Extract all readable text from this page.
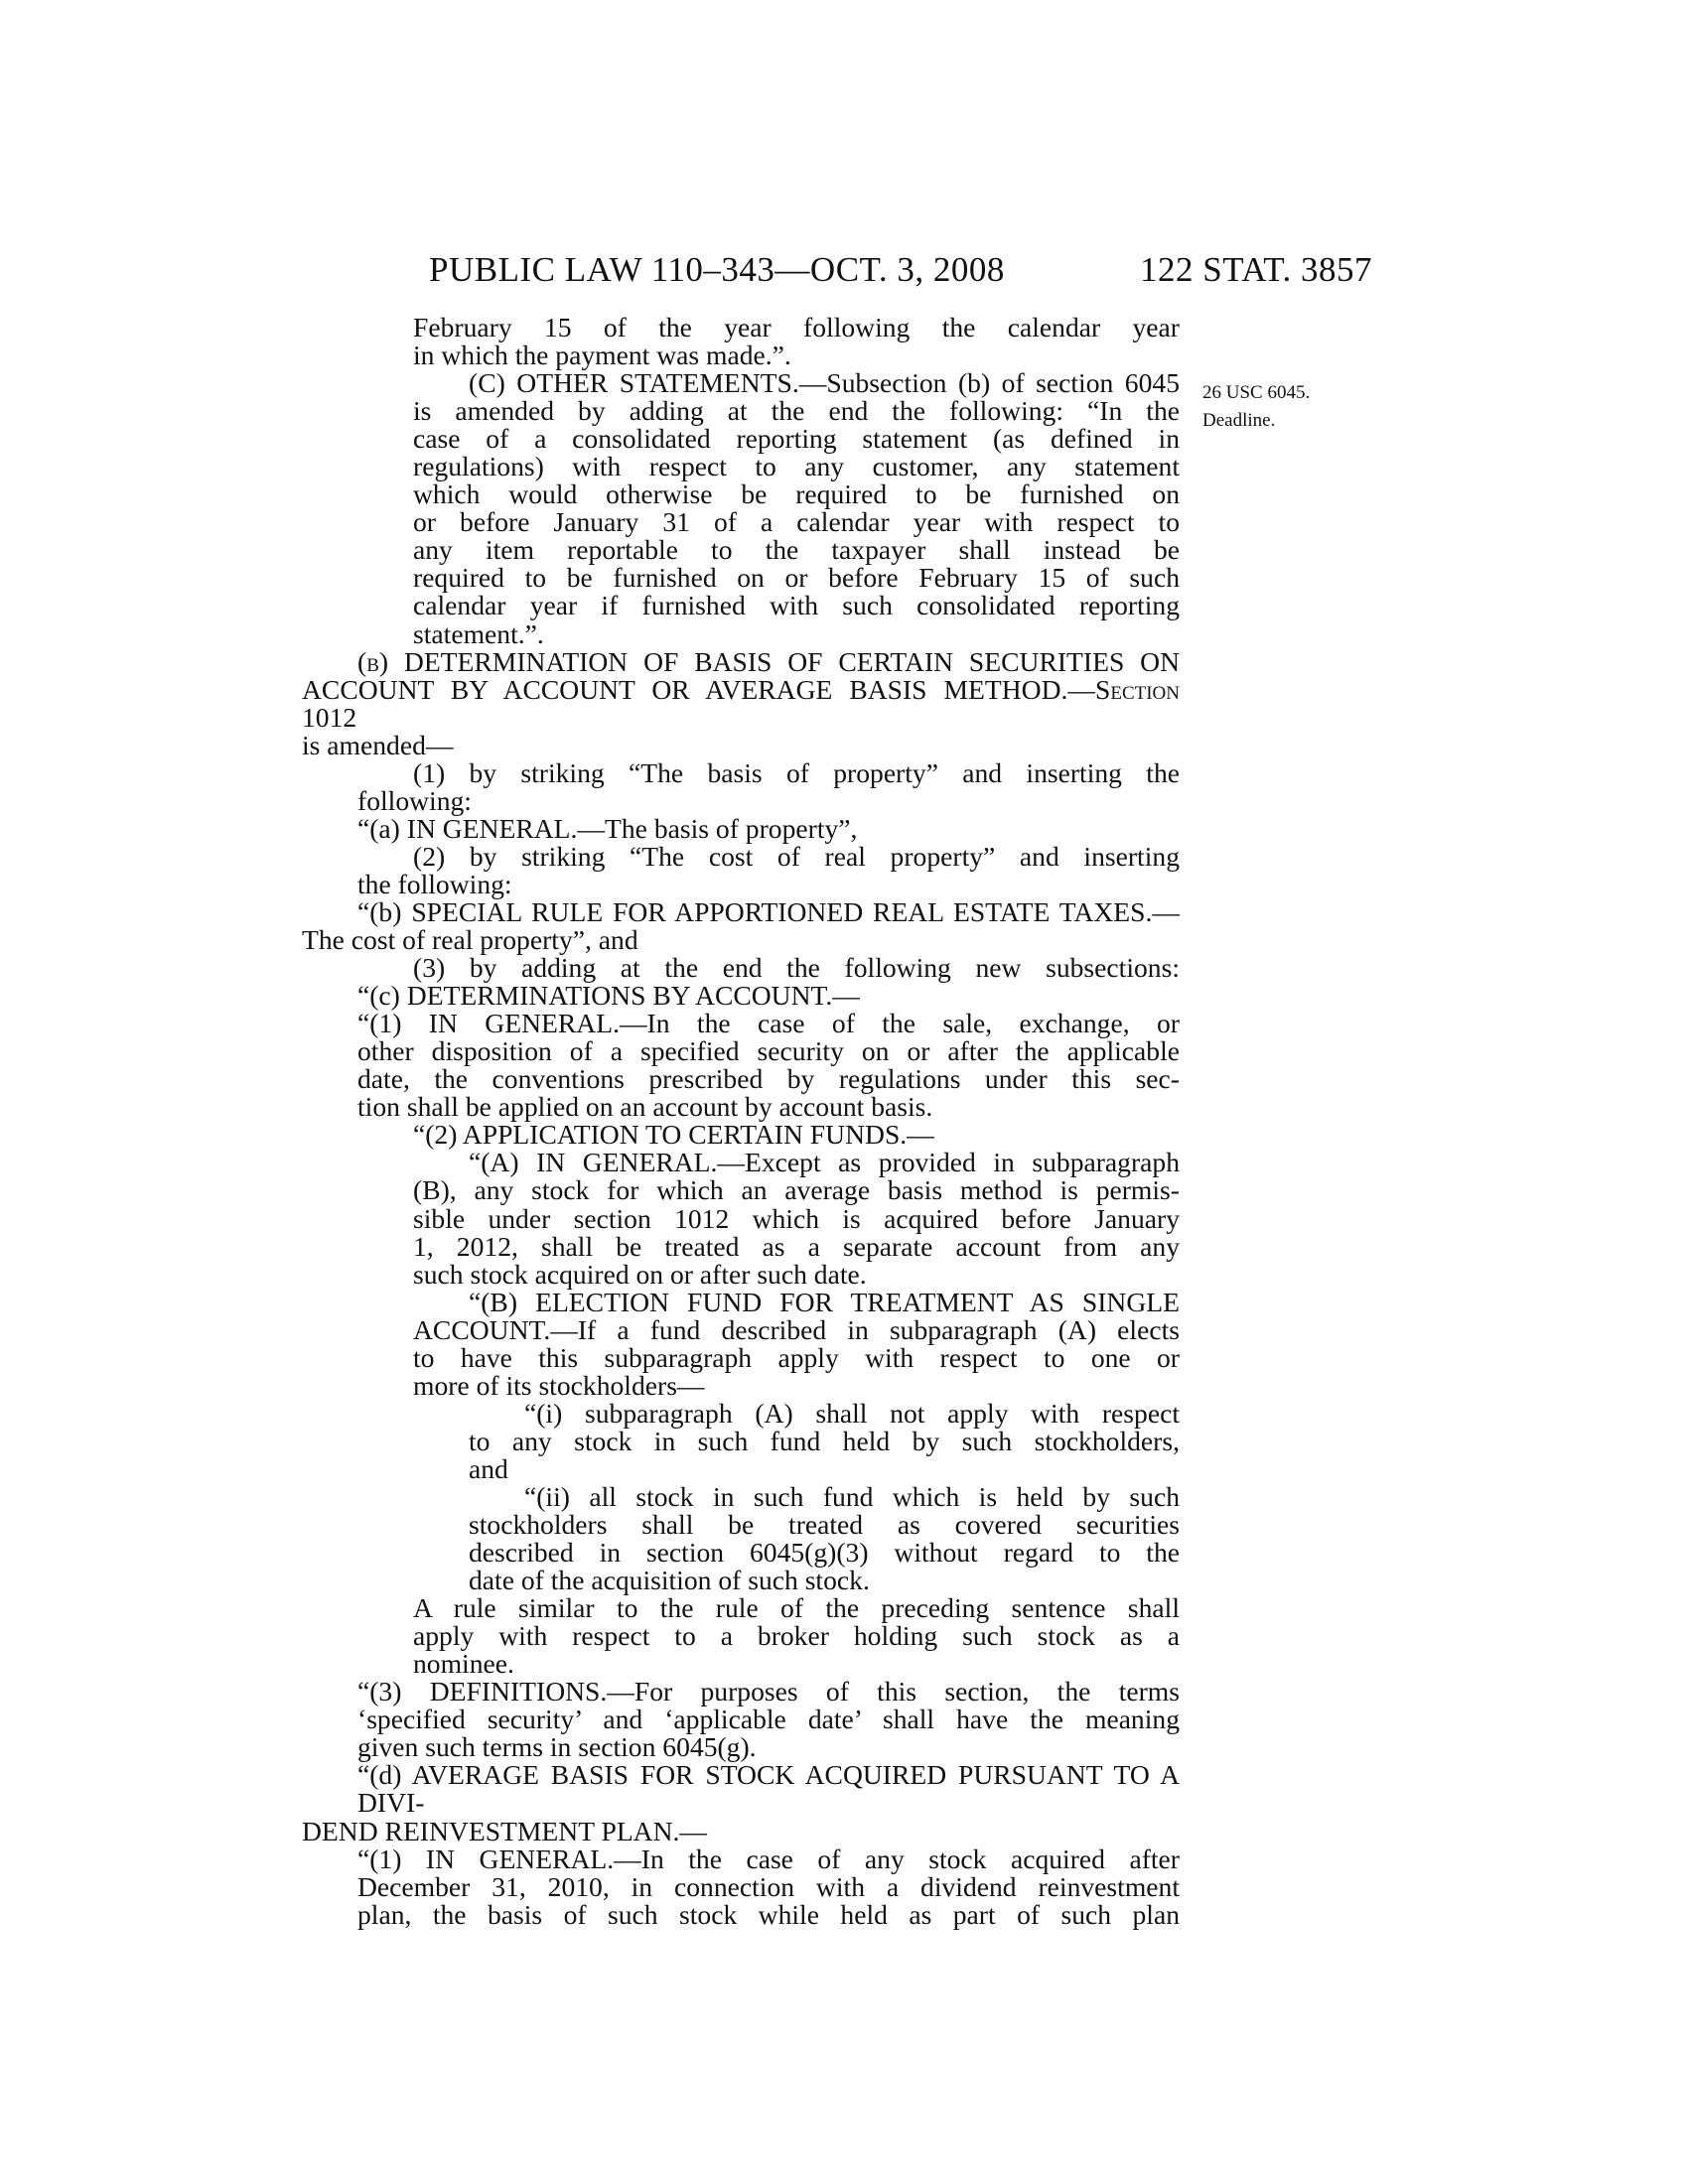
PUBLIC LAW 110–343—OCT. 3, 2008	122 STAT. 3857
26 USC 6045.
Deadline.

February 15 of the year following the calendar year

in which the payment was made.”.

(C) OTHER STATEMENTS.—Subsection (b) of section 6045

is amended by adding at the end the following: “In the

case of a consolidated reporting statement (as defined in

regulations) with respect to any customer, any statement

which would otherwise be required to be furnished on

or before January 31 of a calendar year with respect to

any item reportable to the taxpayer shall instead be

required to be furnished on or before February 15 of such

calendar year if furnished with such consolidated reporting

statement.”.

(b) DETERMINATION OF BASIS OF CERTAIN SECURITIES ON

ACCOUNT BY ACCOUNT OR AVERAGE BASIS METHOD.—Section 1012

is amended—

(1) by striking “The basis of property” and inserting the

following:

“(a) IN GENERAL.—The basis of property”,

(2) by striking “The cost of real property” and inserting

the following:

“(b) SPECIAL RULE FOR APPORTIONED REAL ESTATE TAXES.—

The cost of real property”, and

(3) by adding at the end the following new subsections:

“(c) DETERMINATIONS BY ACCOUNT.—

“(1) IN GENERAL.—In the case of the sale, exchange, or

other disposition of a specified security on or after the applicable

date, the conventions prescribed by regulations under this sec-

tion shall be applied on an account by account basis.

“(2) APPLICATION TO CERTAIN FUNDS.—

“(A) IN GENERAL.—Except as provided in subparagraph

(B), any stock for which an average basis method is permis-

sible under section 1012 which is acquired before January

1, 2012, shall be treated as a separate account from any

such stock acquired on or after such date.

“(B) ELECTION FUND FOR TREATMENT AS SINGLE

ACCOUNT.—If a fund described in subparagraph (A) elects

to have this subparagraph apply with respect to one or

more of its stockholders—

“(i) subparagraph (A) shall not apply with respect

to any stock in such fund held by such stockholders,

and

“(ii) all stock in such fund which is held by such

stockholders shall be treated as covered securities

described in section 6045(g)(3) without regard to the

date of the acquisition of such stock.

A rule similar to the rule of the preceding sentence shall

apply with respect to a broker holding such stock as a

nominee.

“(3) DEFINITIONS.—For purposes of this section, the terms

‘specified security’ and ‘applicable date’ shall have the meaning

given such terms in section 6045(g).

“(d) AVERAGE BASIS FOR STOCK ACQUIRED PURSUANT TO A DIVI-

DEND REINVESTMENT PLAN.—

“(1) IN GENERAL.—In the case of any stock acquired after

December 31, 2010, in connection with a dividend reinvestment

plan, the basis of such stock while held as part of such plan
